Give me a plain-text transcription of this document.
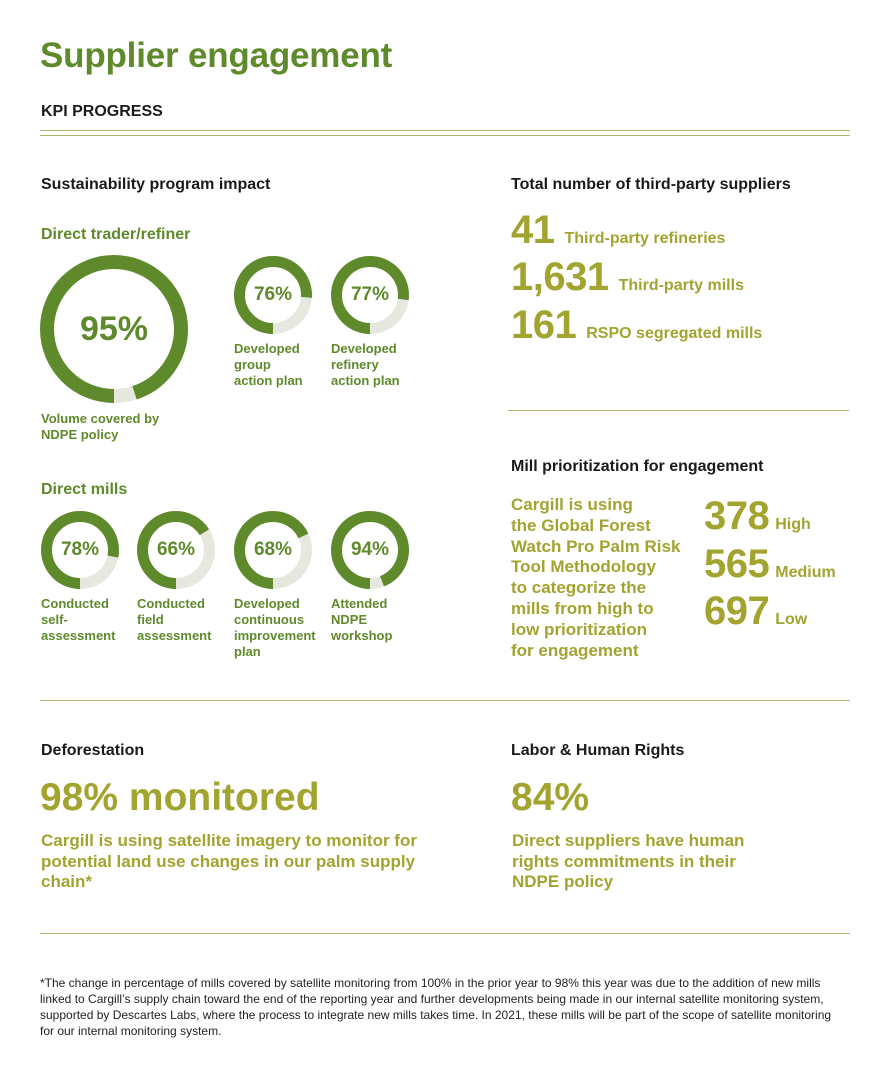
Supplier engagement
KPI PROGRESS
Sustainability program impact
Direct trader/refiner
95%
Volume covered by
NDPE policy
76%
Developed
group
action plan
77%
Developed
refinery
action plan
Direct mills
78%
Conducted
self-
assessment
66%
Conducted
field
assessment
68%
Developed
continuous
improvement
plan
94%
Attended
NDPE
workshop
Total number of third-party suppliers
41 Third-party refineries
1,631 Third-party mills
161 RSPO segregated mills
Mill prioritization for engagement
Cargill is using
the Global Forest
Watch Pro Palm Risk
Tool Methodology
to categorize the
mills from high to
low prioritization
for engagement
378 High
565 Medium
697 Low
Deforestation
98% monitored
Cargill is using satellite imagery to monitor for
potential land use changes in our palm supply
chain*
Labor & Human Rights
84%
Direct suppliers have human
rights commitments in their
NDPE policy
*The change in percentage of mills covered by satellite monitoring from 100% in the prior year to 98% this year was due to the addition of new mills
linked to Cargill’s supply chain toward the end of the reporting year and further developments being made in our internal satellite monitoring system,
supported by Descartes Labs, where the process to integrate new mills takes time. In 2021, these mills will be part of the scope of satellite monitoring
for our internal monitoring system.
